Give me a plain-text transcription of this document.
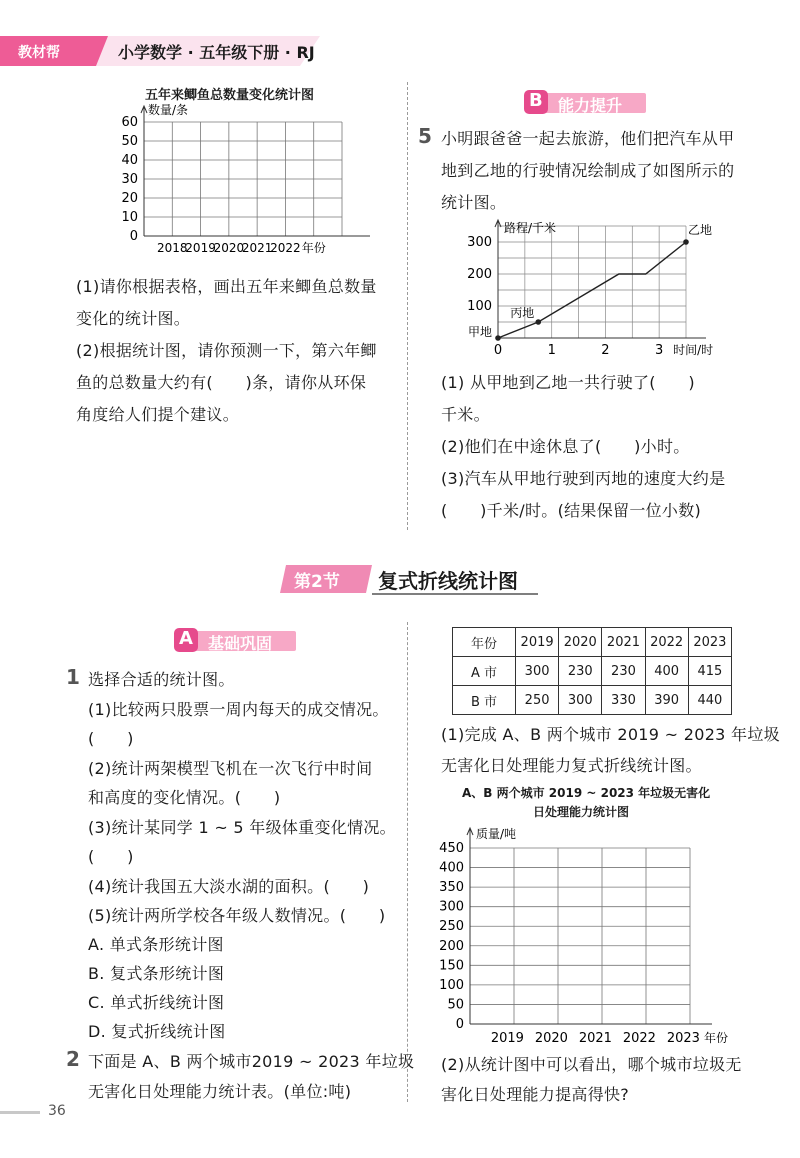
教材帮	小学数学 · 五年级下册 · RJ
五年来鲫鱼总数量变化统计图
0
10
20
30
40
50
60
数量/条
2018
2019
2020
2021
2022 年份
(1)请你根据表格，画出五年来鲫鱼总数量
变化的统计图。
(2)根据统计图，请你预测一下，第六年鲫
鱼的总数量大约有(　　)条，请你从环保
角度给人们提个建议。
B 能力提升
5 小明跟爸爸一起去旅游，他们把汽车从甲
地到乙地的行驶情况绘制成了如图所示的
统计图。
路程/千米
100
200
300
0	1	2	3 时间/时
甲地
丙地
乙地
(1) 从甲地到乙地一共行驶了(　　)
千米。
(2)他们在中途休息了(　　)小时。
(3)汽车从甲地行驶到丙地的速度大约是
(　　)千米/时。(结果保留一位小数)
第2节 复式折线统计图
A 基础巩固
1 选择合适的统计图。
(1)比较两只股票一周内每天的成交情况。
(　　)
(2)统计两架模型飞机在一次飞行中时间
和高度的变化情况。(　　)
(3)统计某同学 1 ~ 5 年级体重变化情况。
(　　)
(4)统计我国五大淡水湖的面积。(　　)
(5)统计两所学校各年级人数情况。(　　)
A. 单式条形统计图
B. 复式条形统计图
C. 单式折线统计图
D. 复式折线统计图
2 下面是 A、B 两个城市2019 ~ 2023 年垃圾
无害化日处理能力统计表。(单位:吨)
年份	2019	2020	2021	2022	2023
A 市	300	230	230	400	415
B 市	250	300	330	390	440
(1)完成 A、B 两个城市 2019 ~ 2023 年垃圾
无害化日处理能力复式折线统计图。
A、B 两个城市 2019 ~ 2023 年垃圾无害化
日处理能力统计图
0
50
100
150
200
250
300
350
400
450
质量/吨
2019 2020 2021 2022 2023 年份
(2)从统计图中可以看出，哪个城市垃圾无
害化日处理能力提高得快?
36
